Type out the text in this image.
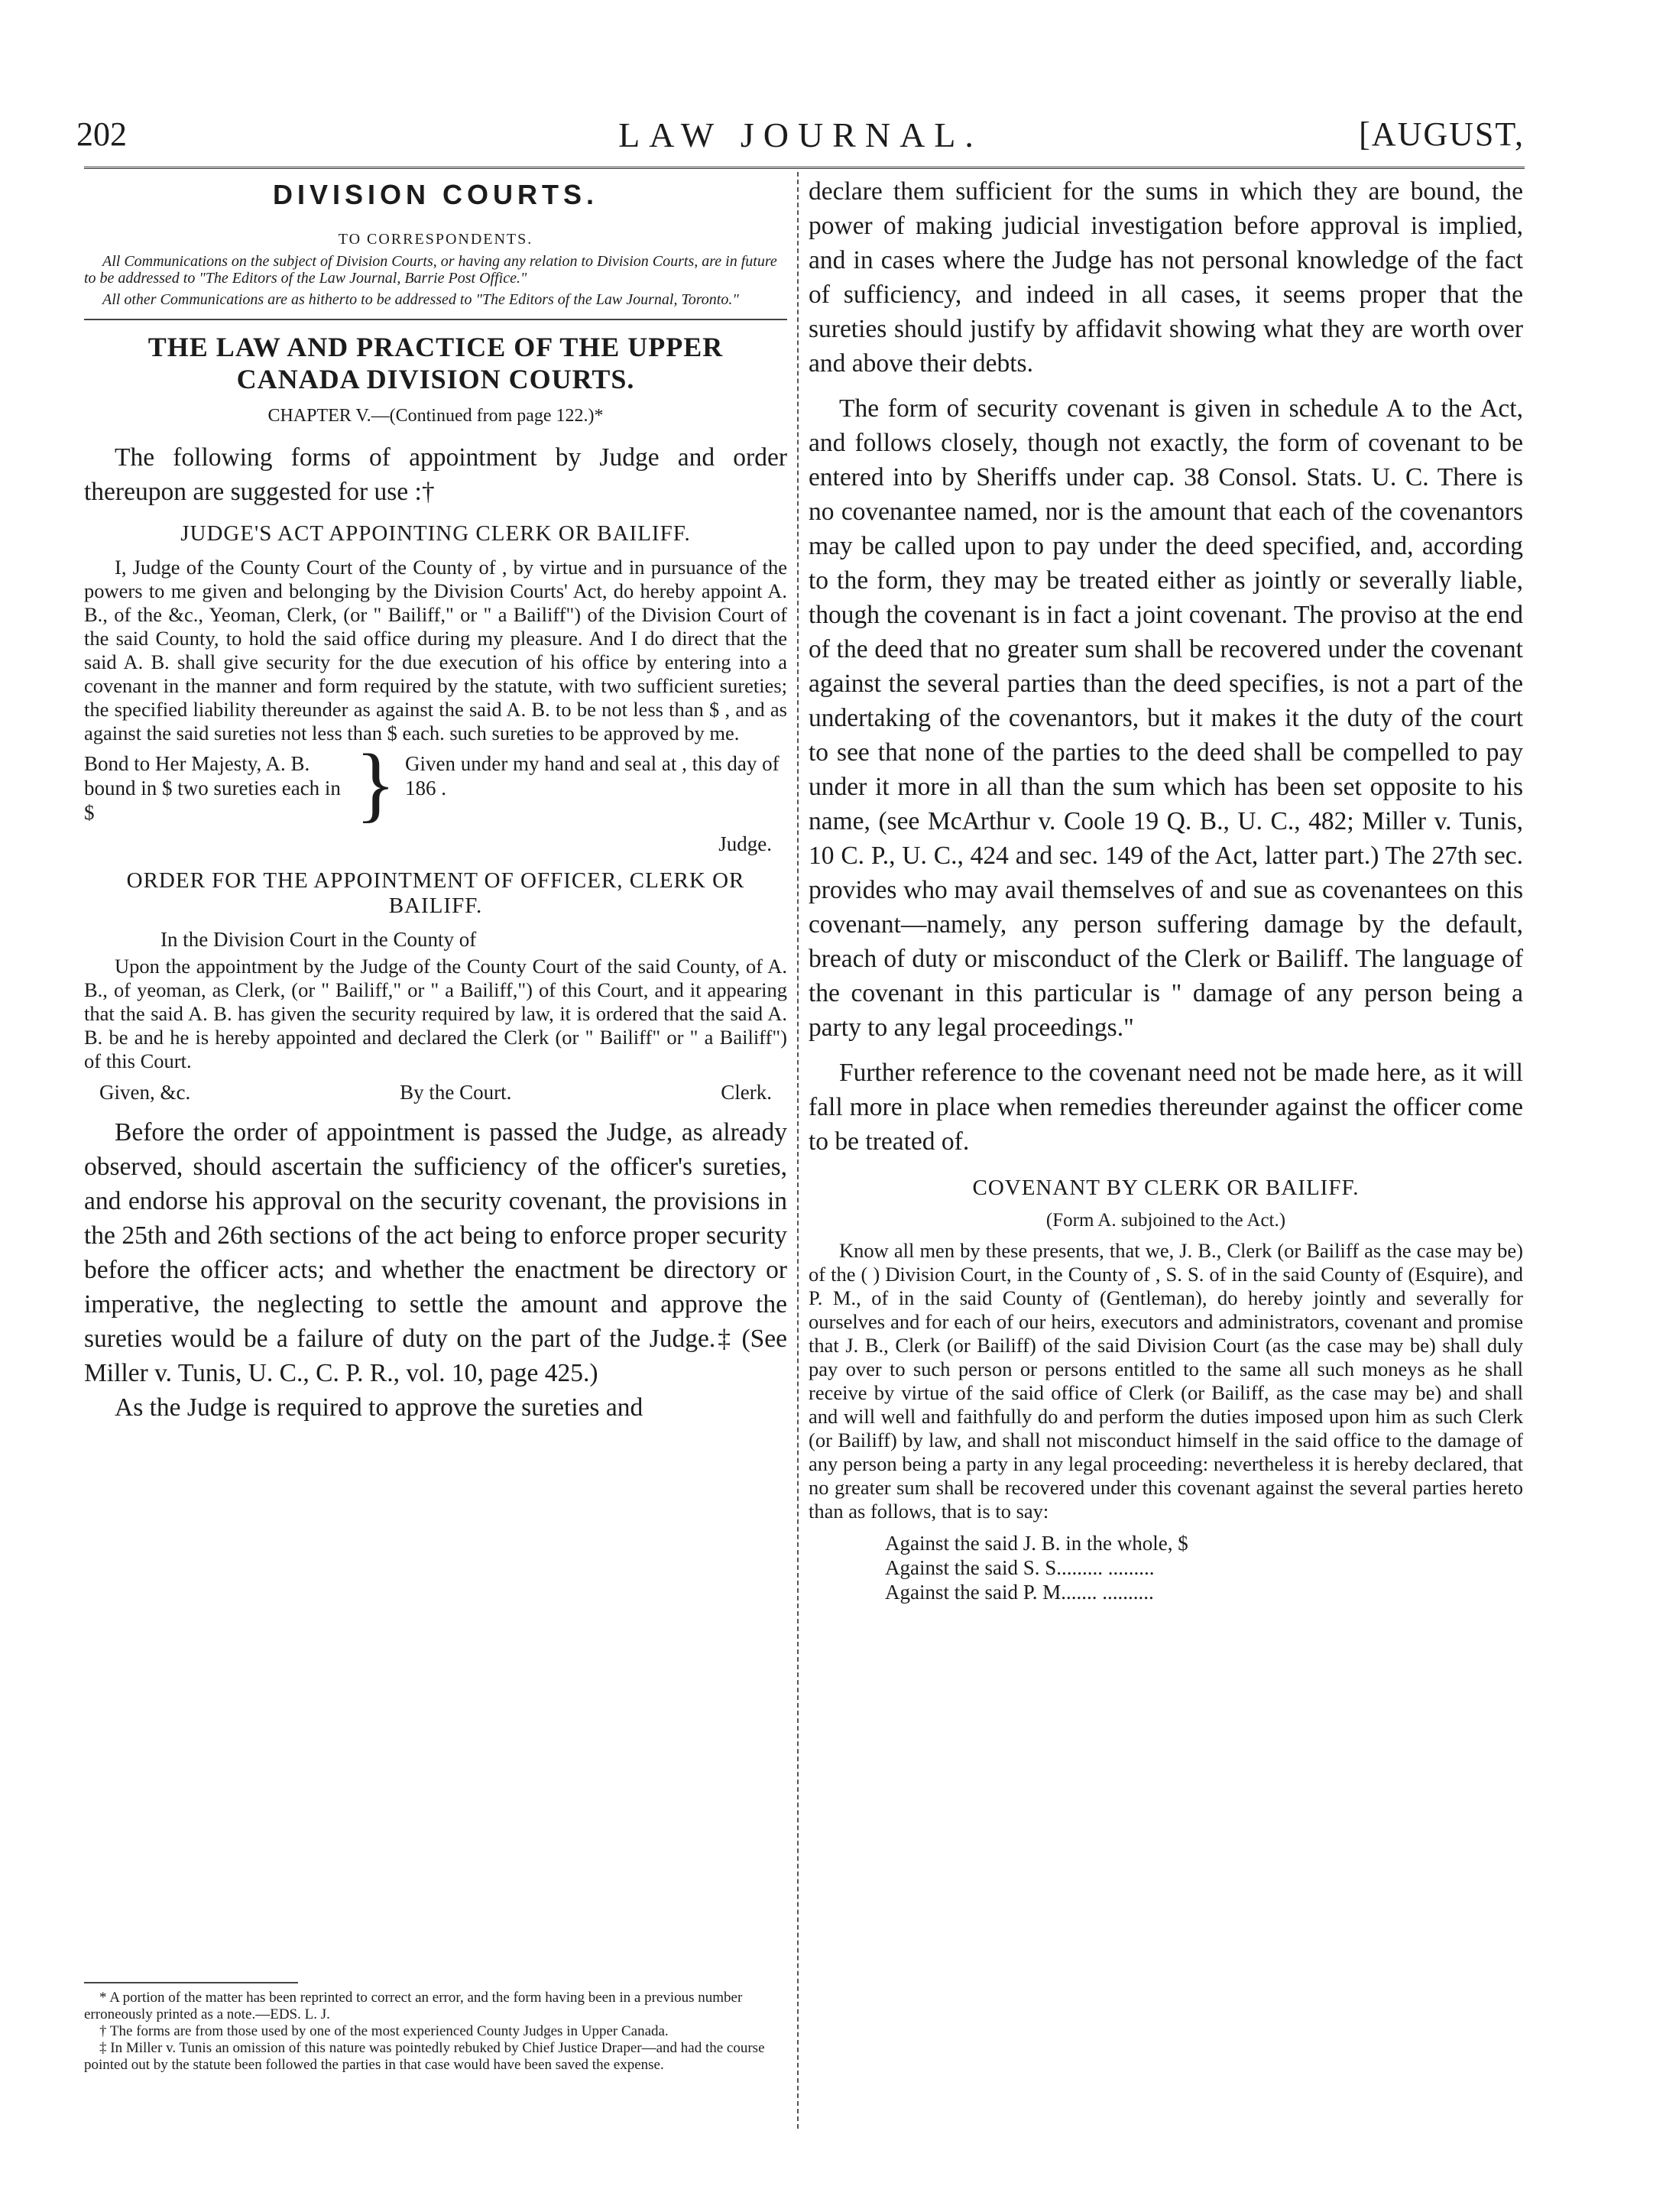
202	LAW JOURNAL.	[AUGUST,

DIVISION COURTS.

TO CORRESPONDENTS.

All Communications on the subject of Division Courts, or having any relation to Division Courts, are in future to be addressed to "The Editors of the Law Journal, Barrie Post Office."

All other Communications are as hitherto to be addressed to "The Editors of the Law Journal, Toronto."

THE LAW AND PRACTICE OF THE UPPER CANADA DIVISION COURTS.

CHAPTER V.—(Continued from page 122.)*

The following forms of appointment by Judge and order thereupon are suggested for use :†

JUDGE'S ACT APPOINTING CLERK OR BAILIFF.

I, Judge of the County Court of the County of , by virtue and in pursuance of the powers to me given and belonging by the Division Courts' Act, do hereby appoint A. B., of the &c., Yeoman, Clerk, (or " Bailiff," or " a Bailiff") of the Division Court of the said County, to hold the said office during my pleasure. And I do direct that the said A. B. shall give security for the due execution of his office by entering into a covenant in the manner and form required by the statute, with two sufficient sureties; the specified liability thereunder as against the said A. B. to be not less than $ , and as against the said sureties not less than $ each. such sureties to be approved by me.

Bond to Her Majesty, A. B. bound in $ two sureties each in $	} Given under my hand and seal at , this day of 186 .

Judge.

ORDER FOR THE APPOINTMENT OF OFFICER, CLERK OR BAILIFF.

In the Division Court in the County of

Upon the appointment by the Judge of the County Court of the said County, of A. B., of yeoman, as Clerk, (or " Bailiff," or " a Bailiff,") of this Court, and it appearing that the said A. B. has given the security required by law, it is ordered that the said A. B. be and he is hereby appointed and declared the Clerk (or " Bailiff" or " a Bailiff") of this Court.

Given, &c.	By the Court.	Clerk.

Before the order of appointment is passed the Judge, as already observed, should ascertain the sufficiency of the officer's sureties, and endorse his approval on the security covenant, the provisions in the 25th and 26th sections of the act being to enforce proper security before the officer acts; and whether the enactment be directory or imperative, the neglecting to settle the amount and approve the sureties would be a failure of duty on the part of the Judge.‡ (See Miller v. Tunis, U. C., C. P. R., vol. 10, page 425.)

As the Judge is required to approve the sureties and

* A portion of the matter has been reprinted to correct an error, and the form having been in a previous number erroneously printed as a note.—EDS. L. J.

† The forms are from those used by one of the most experienced County Judges in Upper Canada.

‡ In Miller v. Tunis an omission of this nature was pointedly rebuked by Chief Justice Draper—and had the course pointed out by the statute been followed the parties in that case would have been saved the expense.

declare them sufficient for the sums in which they are bound, the power of making judicial investigation before approval is implied, and in cases where the Judge has not personal knowledge of the fact of sufficiency, and indeed in all cases, it seems proper that the sureties should justify by affidavit showing what they are worth over and above their debts.

The form of security covenant is given in schedule A to the Act, and follows closely, though not exactly, the form of covenant to be entered into by Sheriffs under cap. 38 Consol. Stats. U. C. There is no covenantee named, nor is the amount that each of the covenantors may be called upon to pay under the deed specified, and, according to the form, they may be treated either as jointly or severally liable, though the covenant is in fact a joint covenant. The proviso at the end of the deed that no greater sum shall be recovered under the covenant against the several parties than the deed specifies, is not a part of the undertaking of the covenantors, but it makes it the duty of the court to see that none of the parties to the deed shall be compelled to pay under it more in all than the sum which has been set opposite to his name, (see McArthur v. Coole 19 Q. B., U. C., 482; Miller v. Tunis, 10 C. P., U. C., 424 and sec. 149 of the Act, latter part.) The 27th sec. provides who may avail themselves of and sue as covenantees on this covenant—namely, any person suffering damage by the default, breach of duty or misconduct of the Clerk or Bailiff. The language of the covenant in this particular is " damage of any person being a party to any legal proceedings."

Further reference to the covenant need not be made here, as it will fall more in place when remedies thereunder against the officer come to be treated of.

COVENANT BY CLERK OR BAILIFF.

(Form A. subjoined to the Act.)

Know all men by these presents, that we, J. B., Clerk (or Bailiff as the case may be) of the ( ) Division Court, in the County of , S. S. of in the said County of (Esquire), and P. M., of in the said County of (Gentleman), do hereby jointly and severally for ourselves and for each of our heirs, executors and administrators, covenant and promise that J. B., Clerk (or Bailiff) of the said Division Court (as the case may be) shall duly pay over to such person or persons entitled to the same all such moneys as he shall receive by virtue of the said office of Clerk (or Bailiff, as the case may be) and shall and will well and faithfully do and perform the duties imposed upon him as such Clerk (or Bailiff) by law, and shall not misconduct himself in the said office to the damage of any person being a party in any legal proceeding: nevertheless it is hereby declared, that no greater sum shall be recovered under this covenant against the several parties hereto than as follows, that is to say:

Against the said J. B. in the whole, $

Against the said S. S......... .........

Against the said P. M....... ..........
